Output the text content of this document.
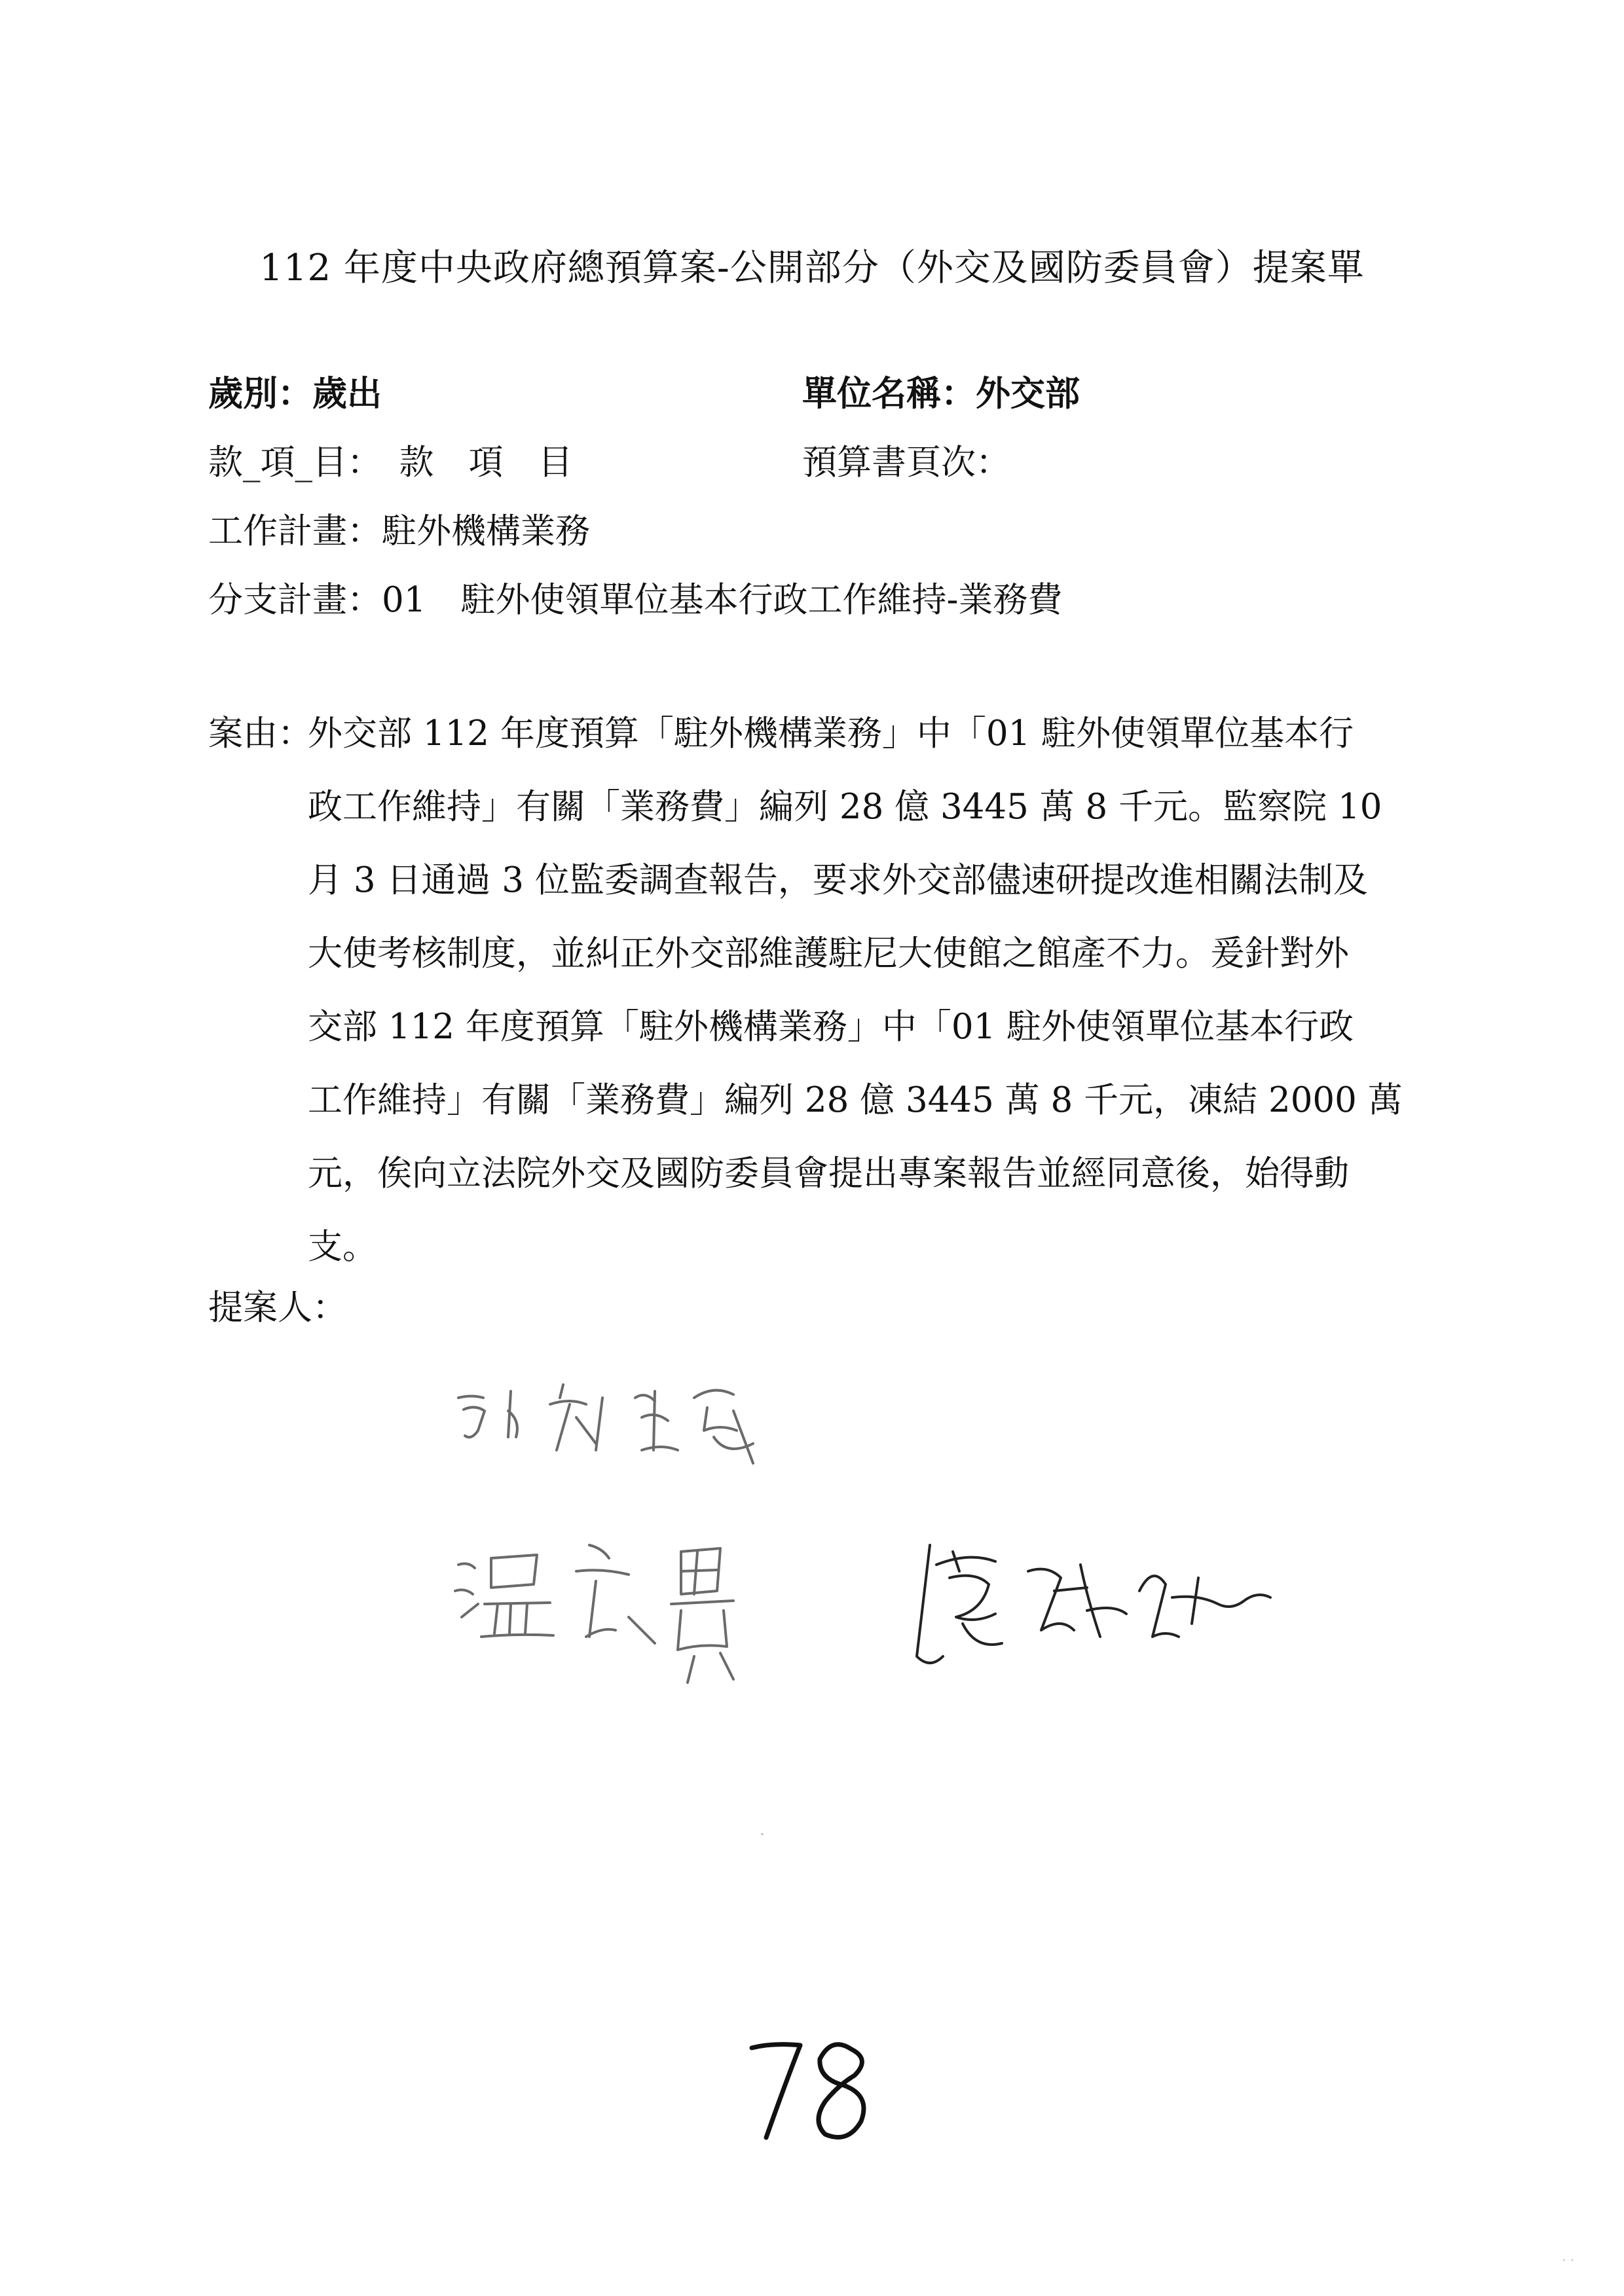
112 年度中央政府總預算案-公開部分（外交及國防委員會）提案單
歲別：歲出	單位名稱：外交部
款_項_目：　款　項　目	預算書頁次：
工作計畫：駐外機構業務
分支計畫：01　駐外使領單位基本行政工作維持-業務費
案由：
外交部 112 年度預算「駐外機構業務」中「01 駐外使領單位基本行
政工作維持」有關「業務費」編列 28 億 3445 萬 8 千元。監察院 10
月 3 日通過 3 位監委調查報告，要求外交部儘速研提改進相關法制及
大使考核制度，並糾正外交部維護駐尼大使館之館產不力。爰針對外
交部 112 年度預算「駐外機構業務」中「01 駐外使領單位基本行政
工作維持」有關「業務費」編列 28 億 3445 萬 8 千元，凍結 2000 萬
元，俟向立法院外交及國防委員會提出專案報告並經同意後，始得動
支。
提案人：
· ·
